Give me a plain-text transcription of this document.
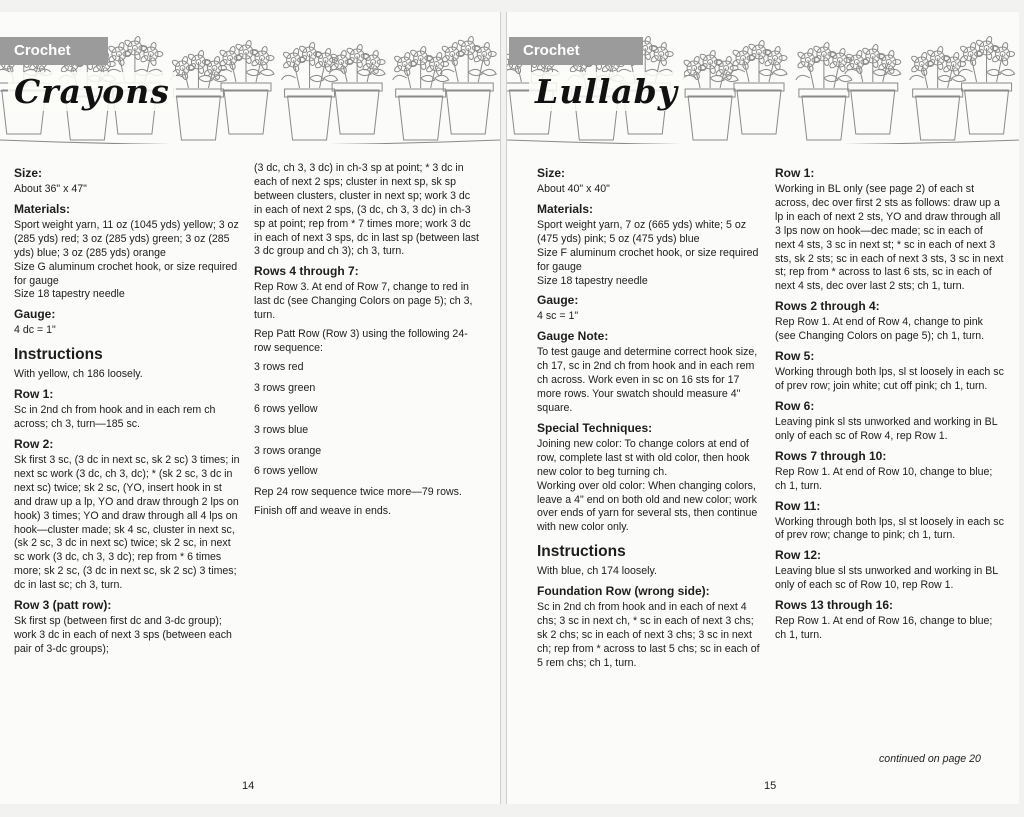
Crochet
Crayons
Size:

About 36" x 47"

Materials:

Sport weight yarn, 11 oz (1045 yds) yellow; 3 oz (285 yds) red; 3 oz (285 yds) green; 3 oz (285 yds) blue; 3 oz (285 yds) orange

Size G aluminum crochet hook, or size required for gauge

Size 18 tapestry needle

Gauge:

4 dc = 1"

Instructions

With yellow, ch 186 loosely.

Row 1:

Sc in 2nd ch from hook and in each rem ch across; ch 3, turn—185 sc.

Row 2:

Sk first 3 sc, (3 dc in next sc, sk 2 sc) 3 times; in next sc work (3 dc, ch 3, dc); * (sk 2 sc, 3 dc in next sc) twice; sk 2 sc, (YO, insert hook in st and draw up a lp, YO and draw through 2 lps on hook) 3 times; YO and draw through all 4 lps on hook—cluster made; sk 4 sc, cluster in next sc, (sk 2 sc, 3 dc in next sc) twice; sk 2 sc, in next sc work (3 dc, ch 3, 3 dc); rep from * 6 times more; sk 2 sc, (3 dc in next sc, sk 2 sc) 3 times; dc in last sc; ch 3, turn.

Row 3 (patt row):

Sk first sp (between first dc and 3-dc group); work 3 dc in each of next 3 sps (between each pair of 3-dc groups);

(3 dc, ch 3, 3 dc) in ch-3 sp at point; * 3 dc in each of next 2 sps; cluster in next sp, sk sp between clusters, cluster in next sp; work 3 dc in each of next 2 sps, (3 dc, ch 3, 3 dc) in ch-3 sp at point; rep from * 7 times more; work 3 dc in each of next 3 sps, dc in last sp (between last 3 dc group and ch 3); ch 3, turn.

Rows 4 through 7:

Rep Row 3. At end of Row 7, change to red in last dc (see Changing Colors on page 5); ch 3, turn.

Rep Patt Row (Row 3) using the following 24-row sequence:

3 rows red

3 rows green

6 rows yellow

3 rows blue

3 rows orange

6 rows yellow

Rep 24 row sequence twice more—79 rows.

Finish off and weave in ends.

14
Crochet
Lullaby
Size:

About 40" x 40"

Materials:

Sport weight yarn, 7 oz (665 yds) white; 5 oz (475 yds) pink; 5 oz (475 yds) blue

Size F aluminum crochet hook, or size required for gauge

Size 18 tapestry needle

Gauge:

4 sc = 1"

Gauge Note:

To test gauge and determine correct hook size, ch 17, sc in 2nd ch from hook and in each rem ch across. Work even in sc on 16 sts for 17 more rows. Your swatch should measure 4" square.

Special Techniques:

Joining new color: To change colors at end of row, complete last st with old color, then hook new color to beg turning ch.

Working over old color: When changing colors, leave a 4" end on both old and new color; work over ends of yarn for several sts, then continue with new color only.

Instructions

With blue, ch 174 loosely.

Foundation Row (wrong side):

Sc in 2nd ch from hook and in each of next 4 chs; 3 sc in next ch, * sc in each of next 3 chs; sk 2 chs; sc in each of next 3 chs; 3 sc in next ch; rep from * across to last 5 chs; sc in each of 5 rem chs; ch 1, turn.

Row 1:

Working in BL only (see page 2) of each st across, dec over first 2 sts as follows: draw up a lp in each of next 2 sts, YO and draw through all 3 lps now on hook—dec made; sc in each of next 4 sts, 3 sc in next st; * sc in each of next 3 sts, sk 2 sts; sc in each of next 3 sts, 3 sc in next st; rep from * across to last 6 sts, sc in each of next 4 sts, dec over last 2 sts; ch 1, turn.

Rows 2 through 4:

Rep Row 1. At end of Row 4, change to pink (see Changing Colors on page 5); ch 1, turn.

Row 5:

Working through both lps, sl st loosely in each sc of prev row; join white; cut off pink; ch 1, turn.

Row 6:

Leaving pink sl sts unworked and working in BL only of each sc of Row 4, rep Row 1.

Rows 7 through 10:

Rep Row 1. At end of Row 10, change to blue; ch 1, turn.

Row 11:

Working through both lps, sl st loosely in each sc of prev row; change to pink; ch 1, turn.

Row 12:

Leaving blue sl sts unworked and working in BL only of each sc of Row 10, rep Row 1.

Rows 13 through 16:

Rep Row 1. At end of Row 16, change to blue; ch 1, turn.

continued on page 20
15
